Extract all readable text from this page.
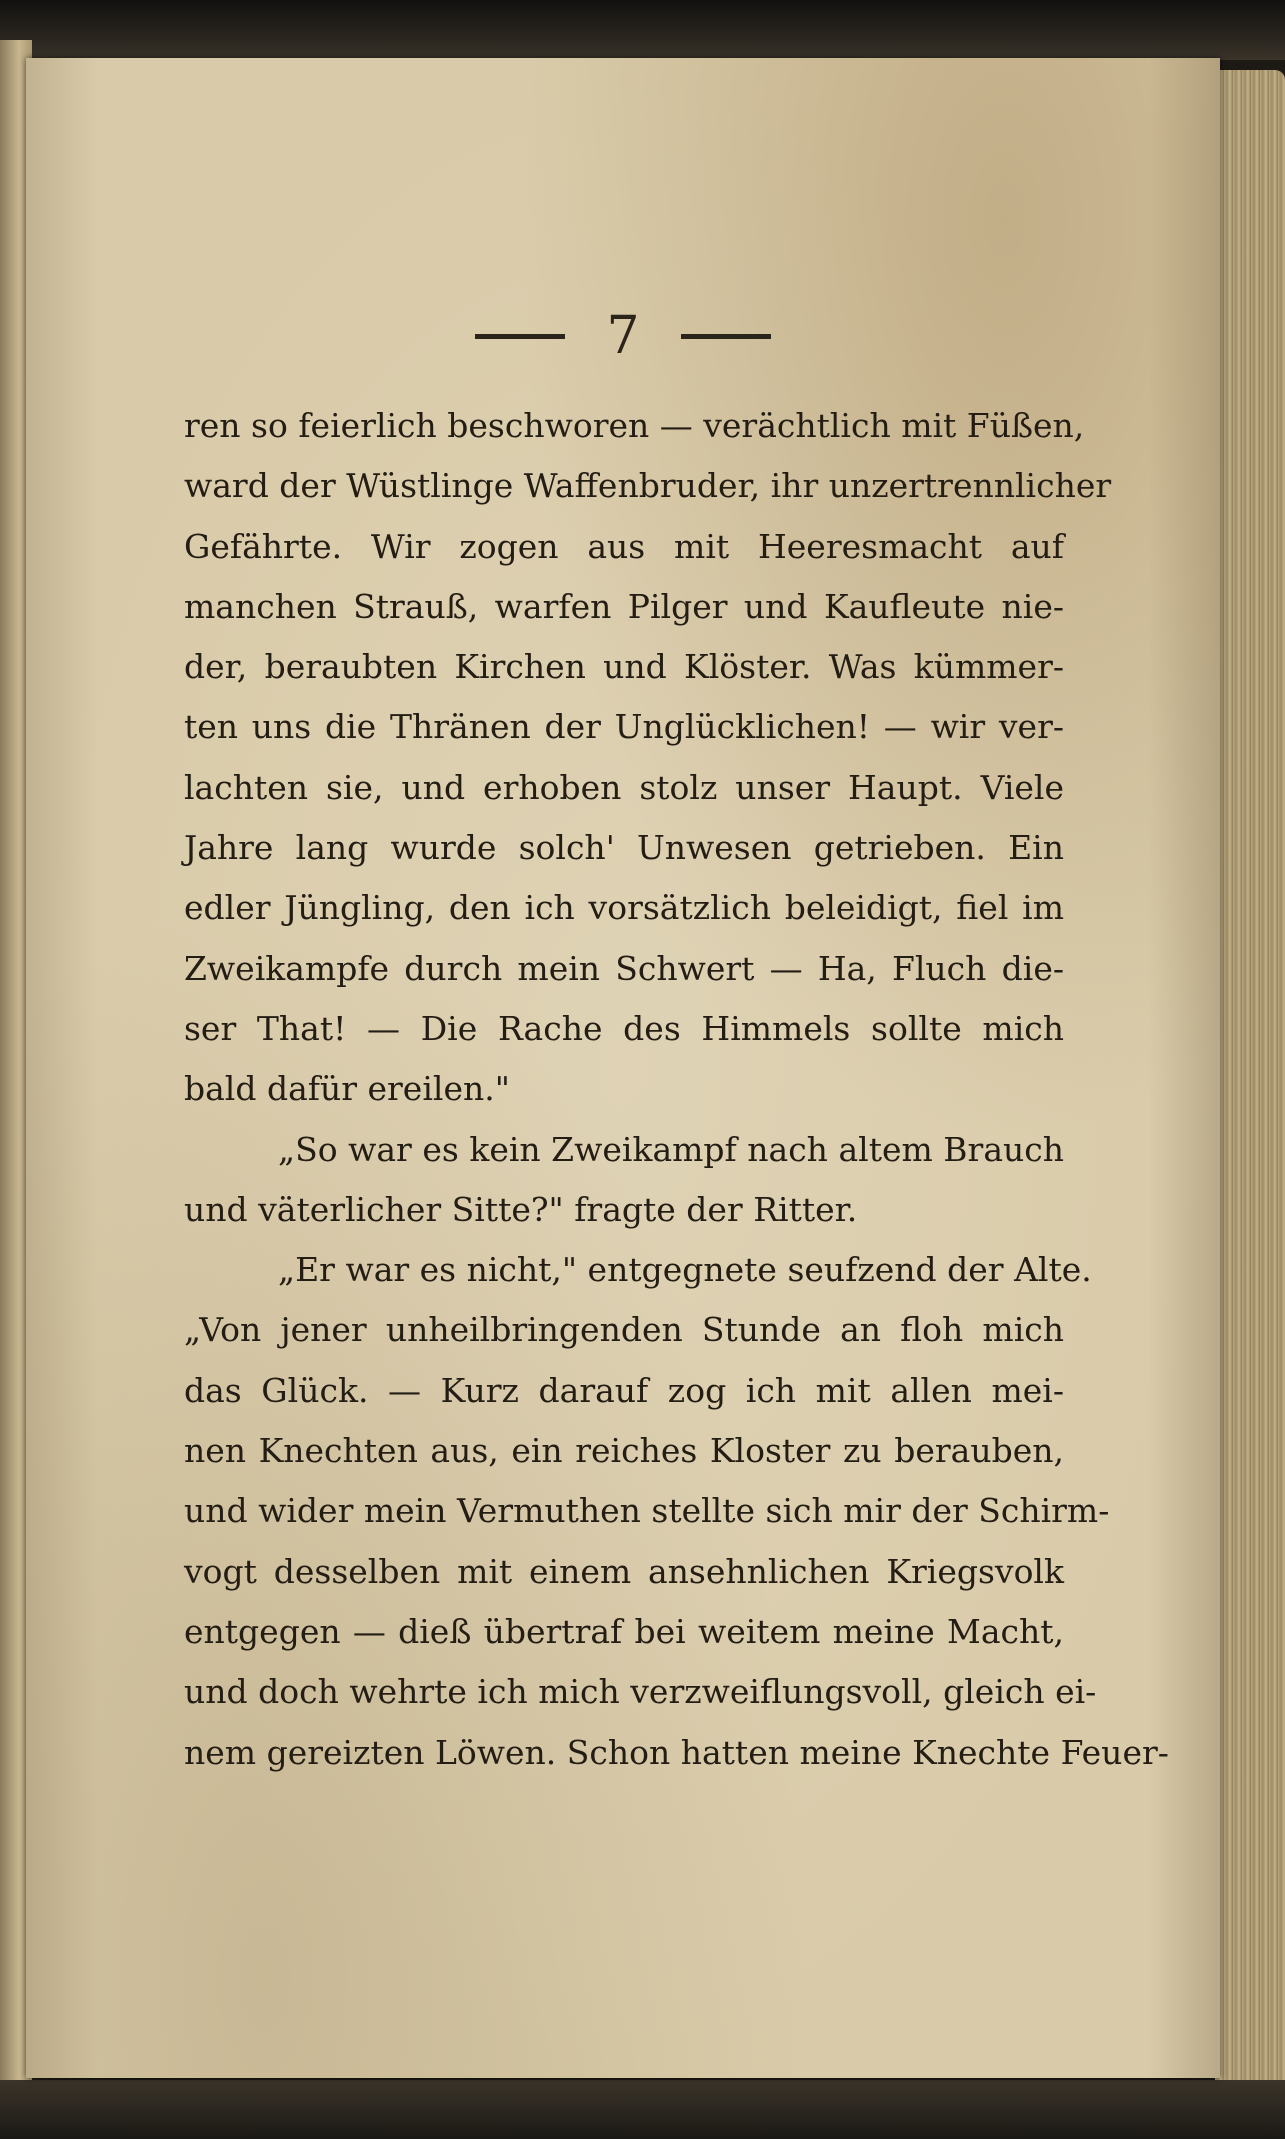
7
ren so feierlich beschworen — verächtlich mit Füßen,
ward der Wüstlinge Waffenbruder, ihr unzertrennlicher
Gefährte. Wir zogen aus mit Heeresmacht auf
manchen Strauß, warfen Pilger und Kaufleute nie-
der, beraubten Kirchen und Klöster. Was kümmer-
ten uns die Thränen der Unglücklichen! — wir ver-
lachten sie, und erhoben stolz unser Haupt. Viele
Jahre lang wurde solch' Unwesen getrieben. Ein
edler Jüngling, den ich vorsätzlich beleidigt, fiel im
Zweikampfe durch mein Schwert — Ha, Fluch die-
ser That! — Die Rache des Himmels sollte mich
bald dafür ereilen."
„So war es kein Zweikampf nach altem Brauch
und väterlicher Sitte?" fragte der Ritter.
„Er war es nicht," entgegnete seufzend der Alte.
„Von jener unheilbringenden Stunde an floh mich
das Glück. — Kurz darauf zog ich mit allen mei-
nen Knechten aus, ein reiches Kloster zu berauben,
und wider mein Vermuthen stellte sich mir der Schirm-
vogt desselben mit einem ansehnlichen Kriegsvolk
entgegen — dieß übertraf bei weitem meine Macht,
und doch wehrte ich mich verzweiflungsvoll, gleich ei-
nem gereizten Löwen. Schon hatten meine Knechte Feuer-
